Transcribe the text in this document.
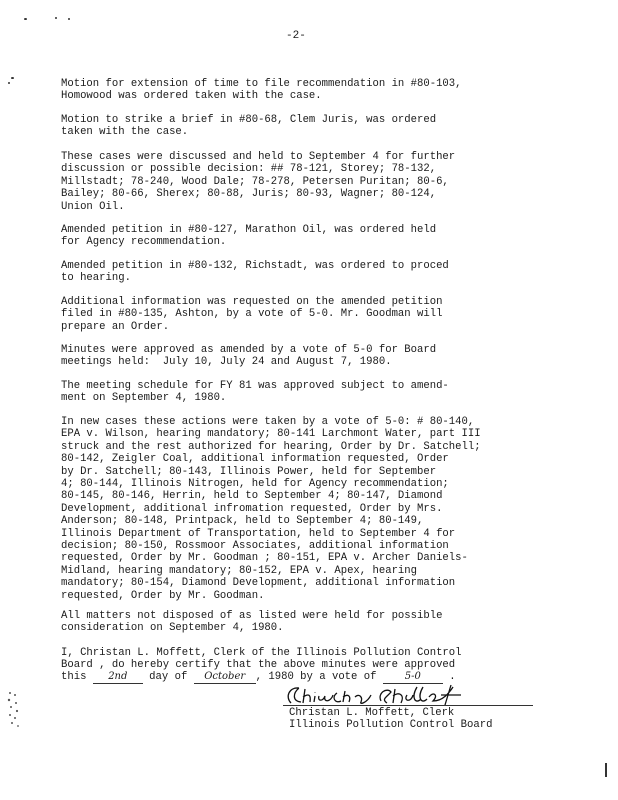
-2-

Motion for extension of time to file recommendation in #80-103,
Homowood was ordered taken with the case.

Motion to strike a brief in #80-68, Clem Juris, was ordered
taken with the case.

These cases were discussed and held to September 4 for further
discussion or possible decision: ## 78-121, Storey; 78-132,
Millstadt; 78-240, Wood Dale; 78-278, Petersen Puritan; 80-6,
Bailey; 80-66, Sherex; 80-88, Juris; 80-93, Wagner; 80-124,
Union Oil.

Amended petition in #80-127, Marathon Oil, was ordered held
for Agency recommendation.

Amended petition in #80-132, Richstadt, was ordered to proced
to hearing.

Additional information was requested on the amended petition
filed in #80-135, Ashton, by a vote of 5-0. Mr. Goodman will
prepare an Order.

Minutes were approved as amended by a vote of 5-0 for Board
meetings held:  July 10, July 24 and August 7, 1980.

The meeting schedule for FY 81 was approved subject to amend-
ment on September 4, 1980.

In new cases these actions were taken by a vote of 5-0: # 80-140,
EPA v. Wilson, hearing mandatory; 80-141 Larchmont Water, part III
struck and the rest authorized for hearing, Order by Dr. Satchell;
80-142, Zeigler Coal, additional information requested, Order
by Dr. Satchell; 80-143, Illinois Power, held for September
4; 80-144, Illinois Nitrogen, held for Agency recommendation;
80-145, 80-146, Herrin, held to September 4; 80-147, Diamond
Development, additional infromation requested, Order by Mrs.
Anderson; 80-148, Printpack, held to September 4; 80-149,
Illinois Department of Transportation, held to September 4 for
decision; 80-150, Rossmoor Associates, additional information
requested, Order by Mr. Goodman ; 80-151, EPA v. Archer Daniels-
Midland, hearing mandatory; 80-152, EPA v. Apex, hearing
mandatory; 80-154, Diamond Development, additional information
requested, Order by Mr. Goodman.

All matters not disposed of as listed were held for possible
consideration on September 4, 1980.

I, Christan L. Moffett, Clerk of the Illinois Pollution Control

Board , do hereby certify that the above minutes were approved

this 2nd day of October , 1980 by a vote of	5-0	.

Christan L. Moffett, Clerk

Illinois Pollution Control Board
